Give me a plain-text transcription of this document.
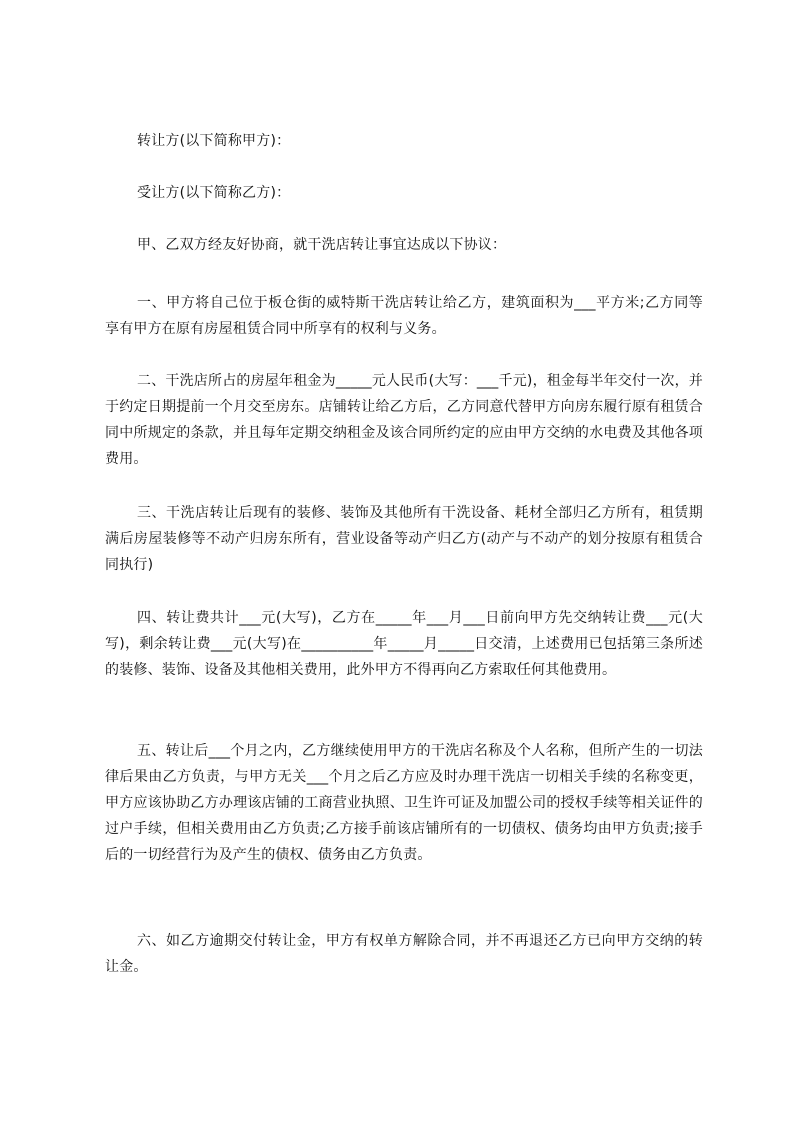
转让方(以下简称甲方)：
受让方(以下简称乙方)：
甲、乙双方经友好协商，就干洗店转让事宜达成以下协议：
一、甲方将自己位于板仓街的威特斯干洗店转让给乙方，建筑面积为___平方米;乙方同等享有甲方在原有房屋租赁合同中所享有的权利与义务。
二、干洗店所占的房屋年租金为_____元人民币(大写：___千元)，租金每半年交付一次，并于约定日期提前一个月交至房东。店铺转让给乙方后，乙方同意代替甲方向房东履行原有租赁合同中所规定的条款，并且每年定期交纳租金及该合同所约定的应由甲方交纳的水电费及其他各项费用。
三、干洗店转让后现有的装修、装饰及其他所有干洗设备、耗材全部归乙方所有，租赁期满后房屋装修等不动产归房东所有，营业设备等动产归乙方(动产与不动产的划分按原有租赁合同执行)
四、转让费共计___元(大写)，乙方在_____年___月___日前向甲方先交纳转让费___元(大写)，剩余转让费___元(大写)在__________年_____月_____日交清，上述费用已包括第三条所述的装修、装饰、设备及其他相关费用，此外甲方不得再向乙方索取任何其他费用。
五、转让后___个月之内，乙方继续使用甲方的干洗店名称及个人名称，但所产生的一切法律后果由乙方负责，与甲方无关___个月之后乙方应及时办理干洗店一切相关手续的名称变更，甲方应该协助乙方办理该店铺的工商营业执照、卫生许可证及加盟公司的授权手续等相关证件的过户手续，但相关费用由乙方负责;乙方接手前该店铺所有的一切债权、债务均由甲方负责;接手后的一切经营行为及产生的债权、债务由乙方负责。
六、如乙方逾期交付转让金，甲方有权单方解除合同，并不再退还乙方已向甲方交纳的转让金。
